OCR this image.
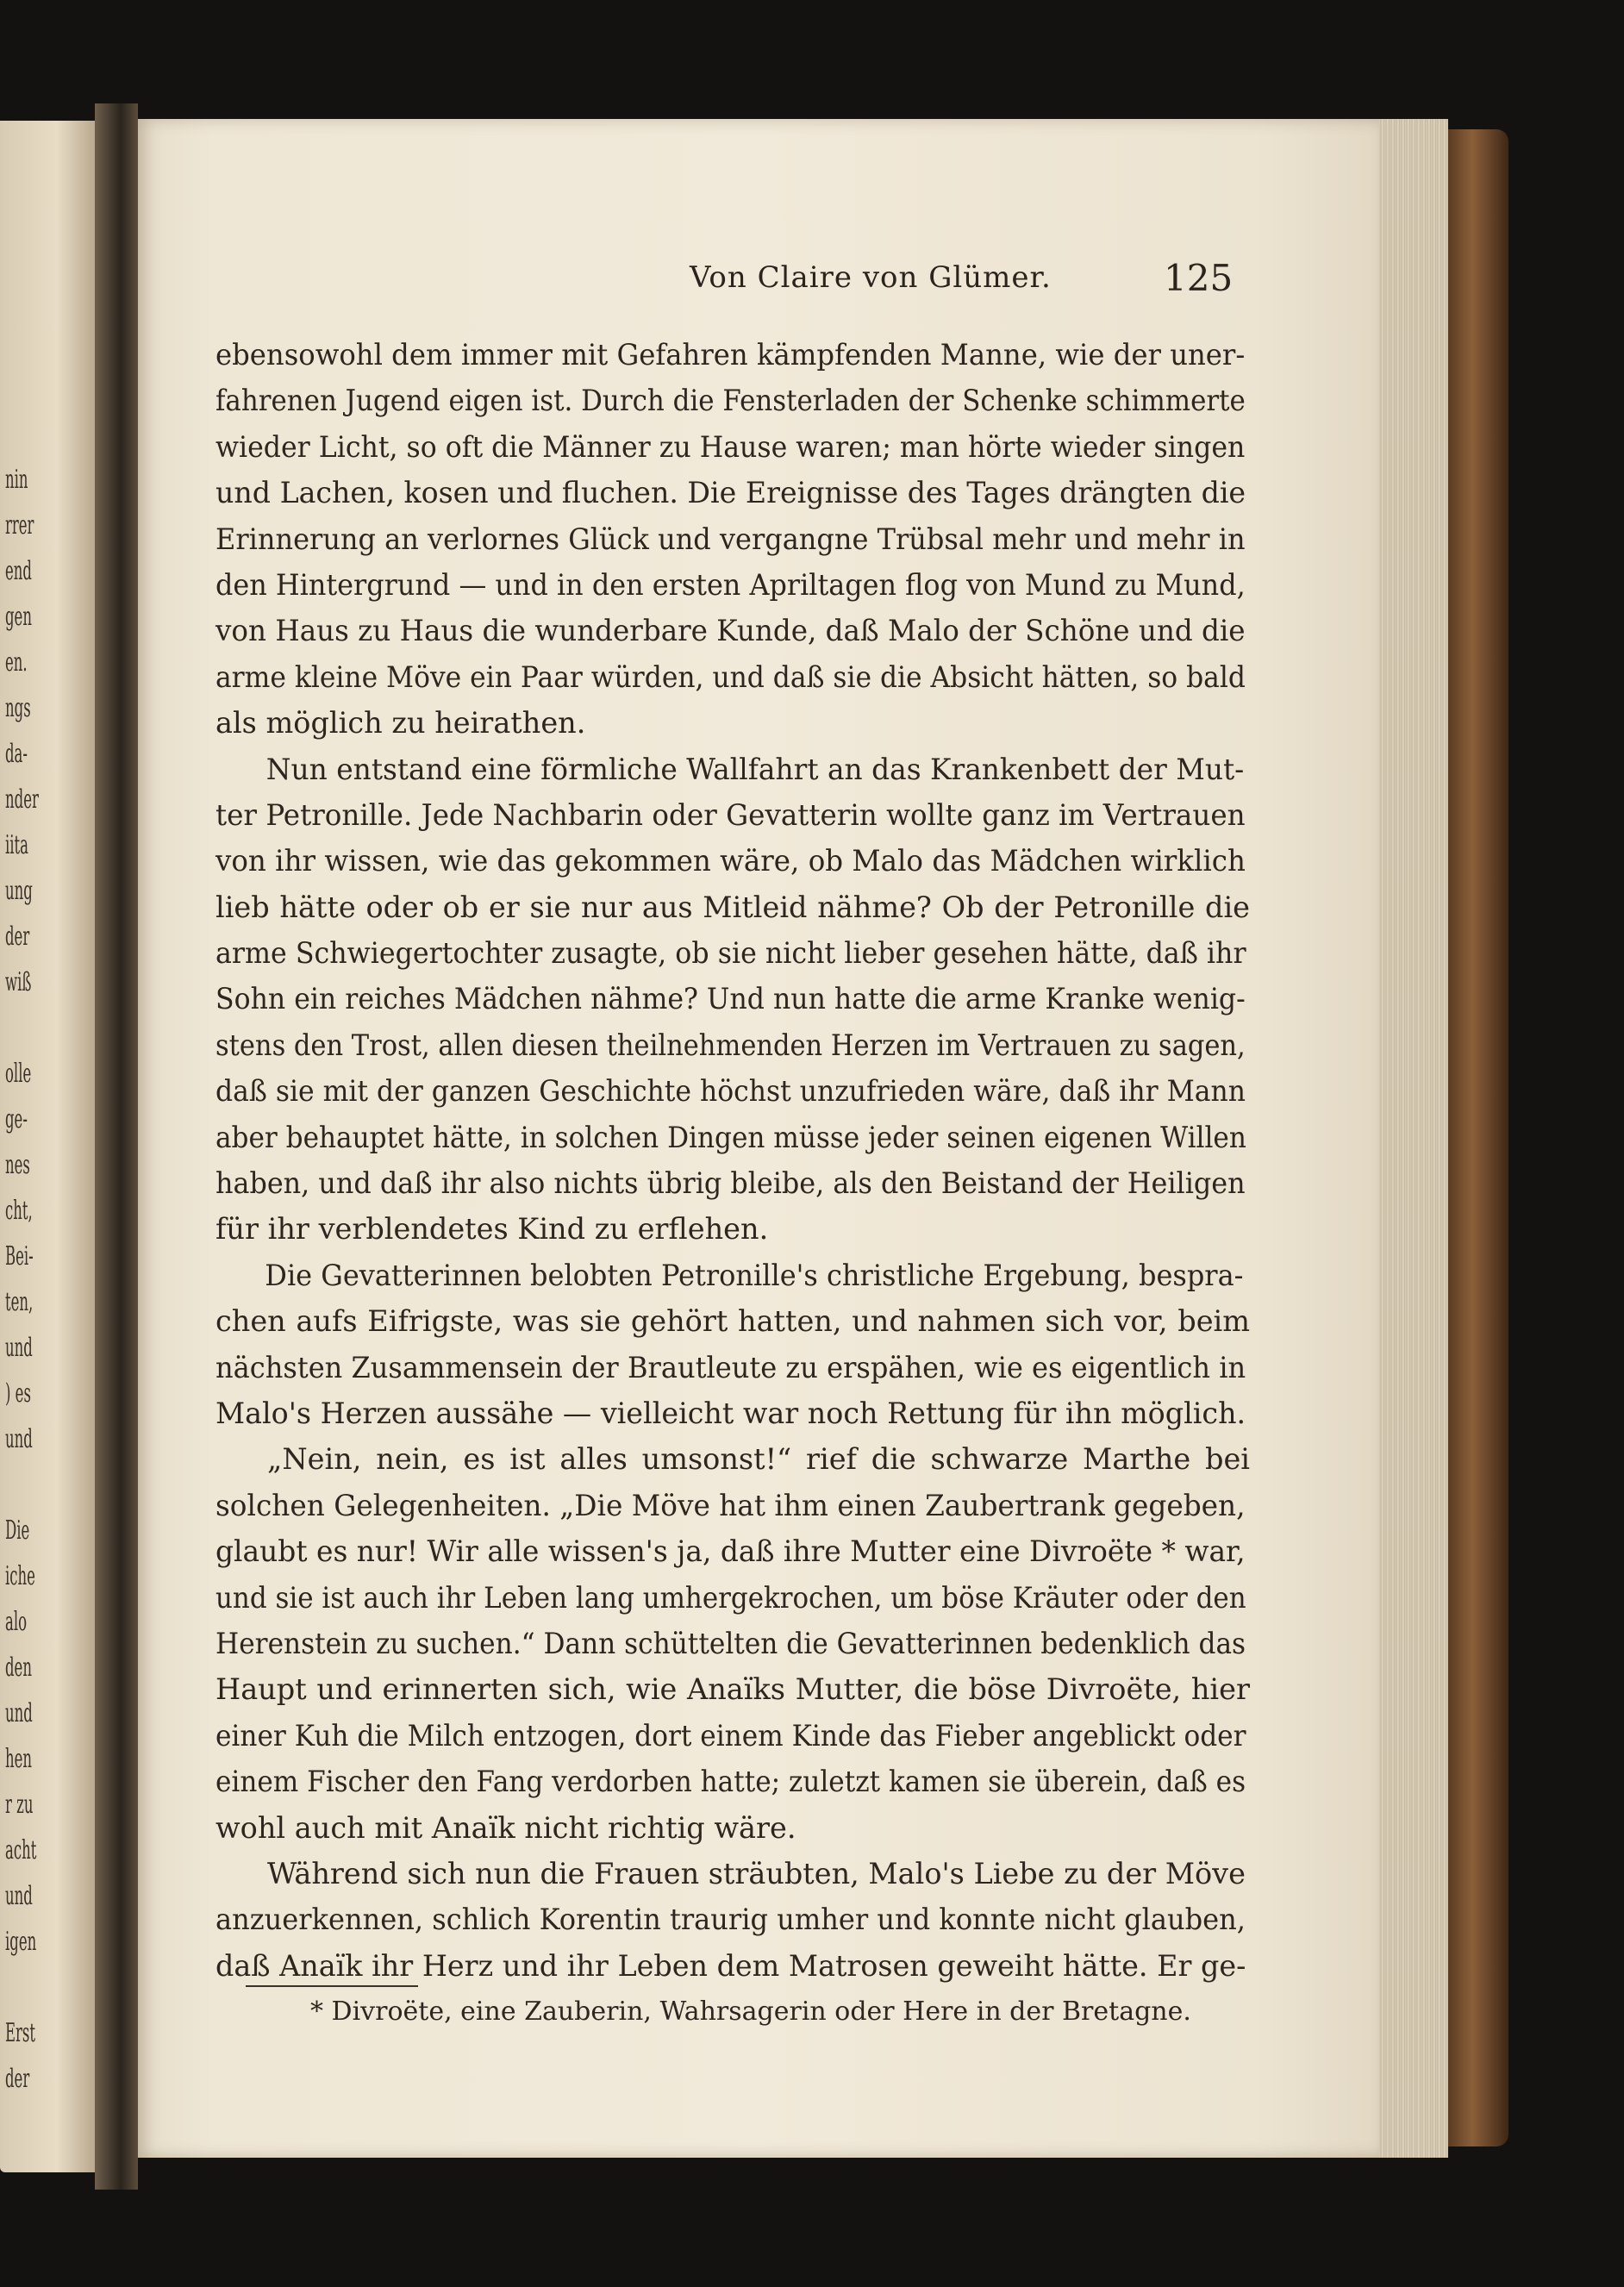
nin
rrer
end
gen
en.
ngs
da-
nder
iita
ung
der
wiß
olle
ge-
nes
cht,
Bei-
ten,
und
) es
und
Die
iche
alo
den
und
hen
r zu
acht
und
igen
Erst
der
Von Claire von Glümer.	125
ebensowohl dem immer mit Gefahren kämpfenden Manne, wie der uner-
fahrenen Jugend eigen ist. Durch die Fensterladen der Schenke schimmerte
wieder Licht, so oft die Männer zu Hause waren; man hörte wieder singen
und Lachen, kosen und fluchen. Die Ereignisse des Tages drängten die
Erinnerung an verlornes Glück und vergangne Trübsal mehr und mehr in
den Hintergrund — und in den ersten Apriltagen flog von Mund zu Mund,
von Haus zu Haus die wunderbare Kunde, daß Malo der Schöne und die
arme kleine Möve ein Paar würden, und daß sie die Absicht hätten, so bald
als möglich zu heirathen.
Nun entstand eine förmliche Wallfahrt an das Krankenbett der Mut-
ter Petronille. Jede Nachbarin oder Gevatterin wollte ganz im Vertrauen
von ihr wissen, wie das gekommen wäre, ob Malo das Mädchen wirklich
lieb hätte oder ob er sie nur aus Mitleid nähme? Ob der Petronille die
arme Schwiegertochter zusagte, ob sie nicht lieber gesehen hätte, daß ihr
Sohn ein reiches Mädchen nähme? Und nun hatte die arme Kranke wenig-
stens den Trost, allen diesen theilnehmenden Herzen im Vertrauen zu sagen,
daß sie mit der ganzen Geschichte höchst unzufrieden wäre, daß ihr Mann
aber behauptet hätte, in solchen Dingen müsse jeder seinen eigenen Willen
haben, und daß ihr also nichts übrig bleibe, als den Beistand der Heiligen
für ihr verblendetes Kind zu erflehen.
Die Gevatterinnen belobten Petronille's christliche Ergebung, bespra-
chen aufs Eifrigste, was sie gehört hatten, und nahmen sich vor, beim
nächsten Zusammensein der Brautleute zu erspähen, wie es eigentlich in
Malo's Herzen aussähe — vielleicht war noch Rettung für ihn möglich.
„Nein, nein, es ist alles umsonst!“ rief die schwarze Marthe bei
solchen Gelegenheiten. „Die Möve hat ihm einen Zaubertrank gegeben,
glaubt es nur! Wir alle wissen's ja, daß ihre Mutter eine Divroëte * war,
und sie ist auch ihr Leben lang umhergekrochen, um böse Kräuter oder den
Herenstein zu suchen.“ Dann schüttelten die Gevatterinnen bedenklich das
Haupt und erinnerten sich, wie Anaïks Mutter, die böse Divroëte, hier
einer Kuh die Milch entzogen, dort einem Kinde das Fieber angeblickt oder
einem Fischer den Fang verdorben hatte; zuletzt kamen sie überein, daß es
wohl auch mit Anaïk nicht richtig wäre.
Während sich nun die Frauen sträubten, Malo's Liebe zu der Möve
anzuerkennen, schlich Korentin traurig umher und konnte nicht glauben,
daß Anaïk ihr Herz und ihr Leben dem Matrosen geweiht hätte. Er ge-
* Divroëte, eine Zauberin, Wahrsagerin oder Here in der Bretagne.
